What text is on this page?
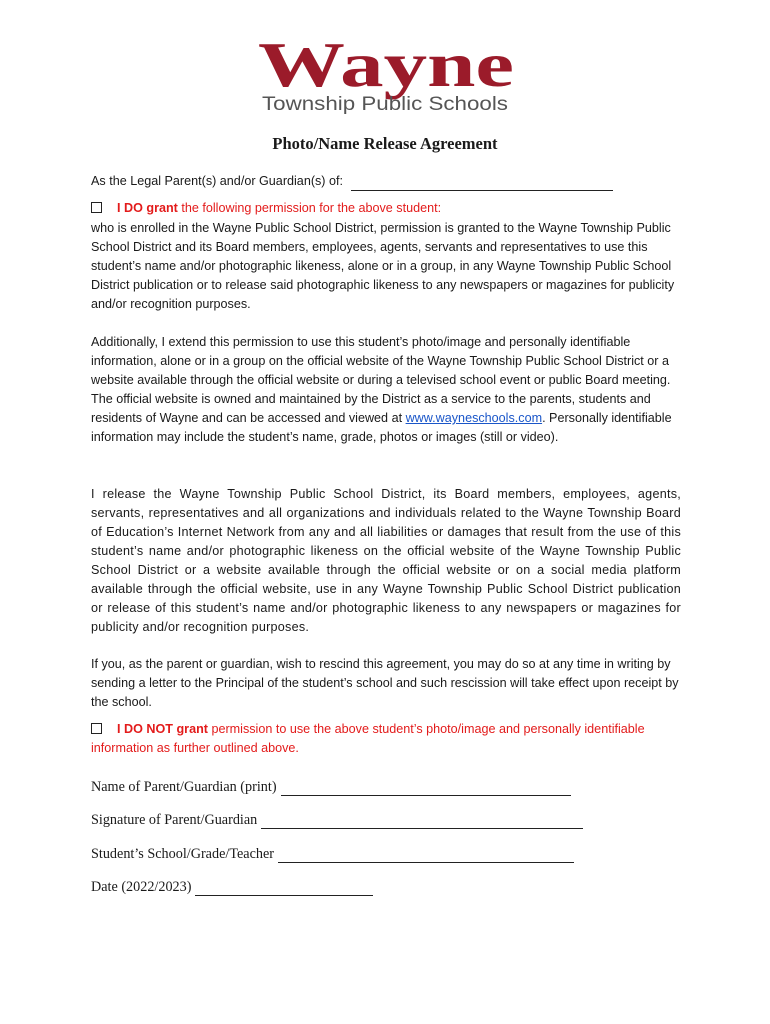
Wayne
Township Public Schools
Photo/Name Release Agreement
As the Legal Parent(s) and/or Guardian(s) of:
I DO grant the following permission for the above student:
who is enrolled in the Wayne Public School District, permission is granted to the Wayne Township Public School District and its Board members, employees, agents, servants and representatives to use this student’s name and/or photographic likeness, alone or in a group, in any Wayne Township Public School District publication or to release said photographic likeness to any newspapers or magazines for publicity and/or recognition purposes.
Additionally, I extend this permission to use this student’s photo/image and personally identifiable information, alone or in a group on the official website of the Wayne Township Public School District or a website available through the official website or during a televised school event or public Board meeting. The official website is owned and maintained by the District as a service to the parents, students and residents of Wayne and can be accessed and viewed at www.wayneschools.com. Personally identifiable information may include the student’s name, grade, photos or images (still or video).
I release the Wayne Township Public School District, its Board members, employees, agents, servants, representatives and all organizations and individuals related to the Wayne Township Board of Education’s Internet Network from any and all liabilities or damages that result from the use of this student’s name and/or photographic likeness on the official website of the Wayne Township Public School District or a website available through the official website or on a social media platform available through the official website, use in any Wayne Township Public School District publication or release of this student’s name and/or photographic likeness to any newspapers or magazines for publicity and/or recognition purposes.
If you, as the parent or guardian, wish to rescind this agreement, you may do so at any time in writing by sending a letter to the Principal of the student’s school and such rescission will take effect upon receipt by the school.
I DO NOT grant permission to use the above student’s photo/image and personally identifiable information as further outlined above.
Name of Parent/Guardian (print)
Signature of Parent/Guardian
Student’s School/Grade/Teacher
Date (2022/2023)
